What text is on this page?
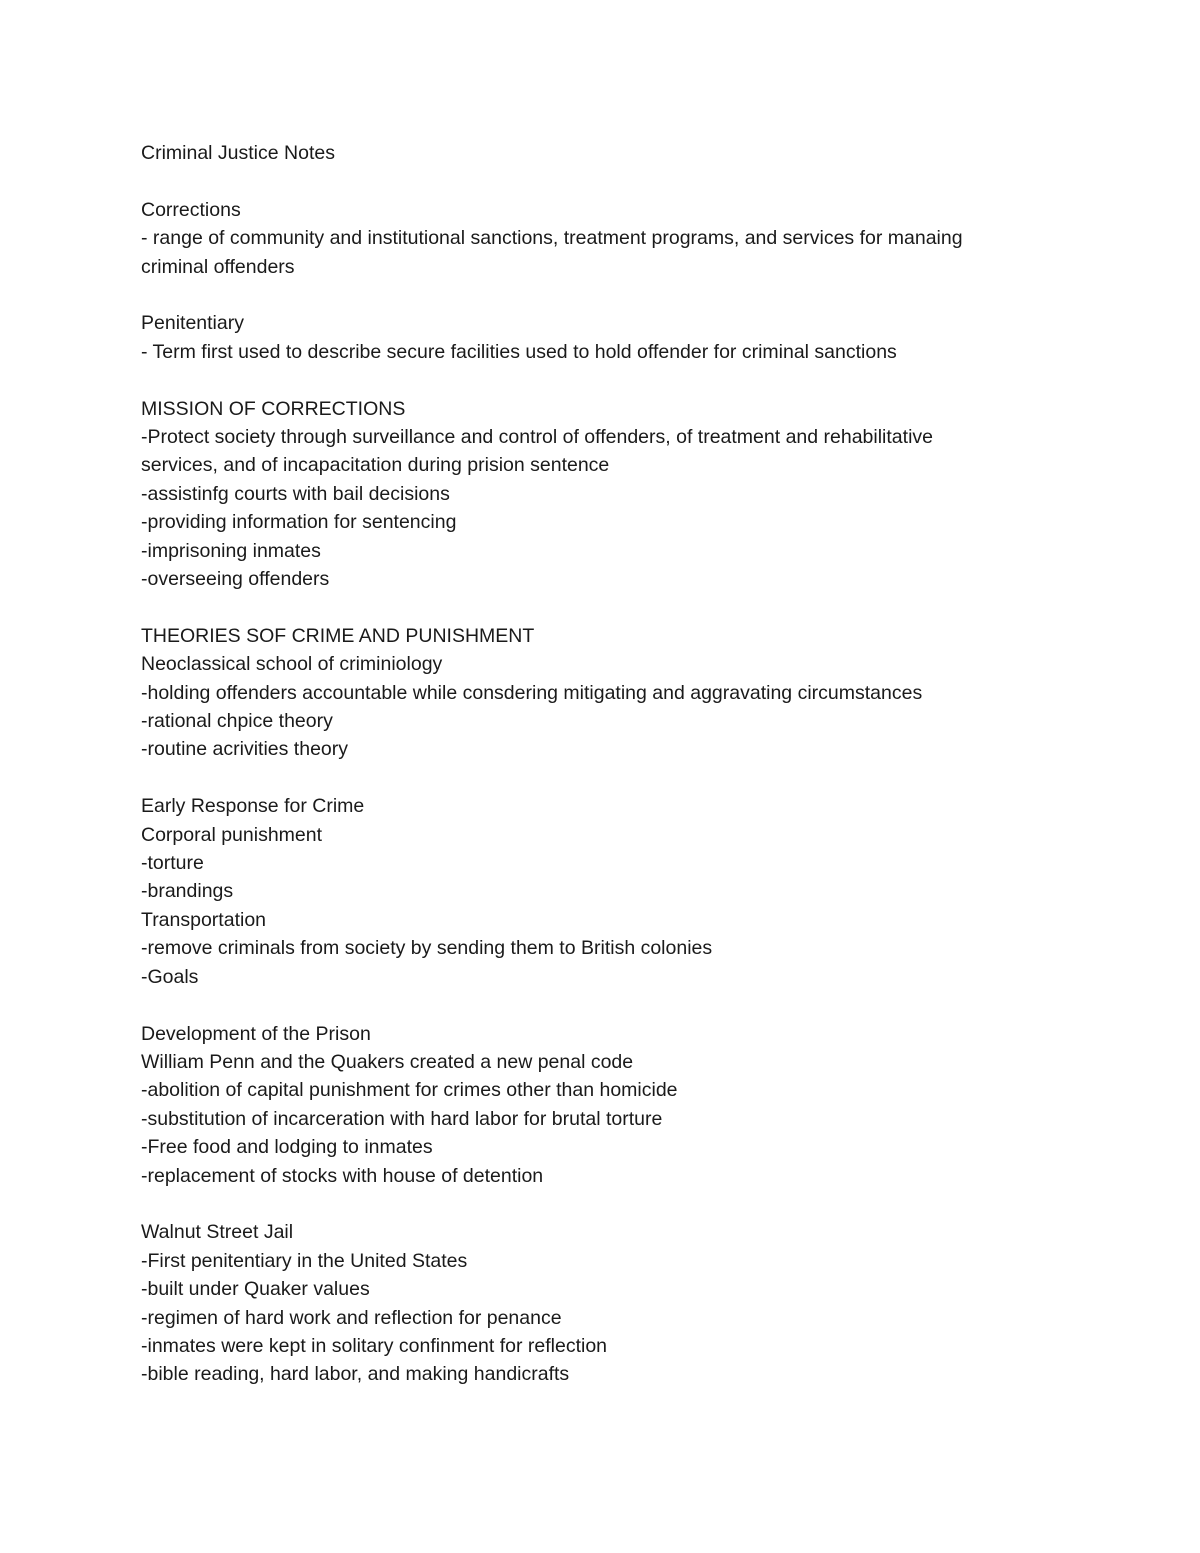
Criminal Justice Notes
Corrections
- range of community and institutional sanctions, treatment programs, and services for manaing
criminal offenders
Penitentiary
- Term first used to describe secure facilities used to hold offender for criminal sanctions
MISSION OF CORRECTIONS
-Protect society through surveillance and control of offenders, of treatment and rehabilitative
services, and of incapacitation during prision sentence
-assistinfg courts with bail decisions
-providing information for sentencing
-imprisoning inmates
-overseeing offenders
THEORIES SOF CRIME AND PUNISHMENT
Neoclassical school of criminiology
-holding offenders accountable while consdering mitigating and aggravating circumstances
-rational chpice theory
-routine acrivities theory
Early Response for Crime
Corporal punishment
-torture
-brandings
Transportation
-remove criminals from society by sending them to British colonies
-Goals
Development of the Prison
William Penn and the Quakers created a new penal code
-abolition of capital punishment for crimes other than homicide
-substitution of incarceration with hard labor for brutal torture
-Free food and lodging to inmates
-replacement of stocks with house of detention
Walnut Street Jail
-First penitentiary in the United States
-built under Quaker values
-regimen of hard work and reflection for penance
-inmates were kept in solitary confinment for reflection
-bible reading, hard labor, and making handicrafts
